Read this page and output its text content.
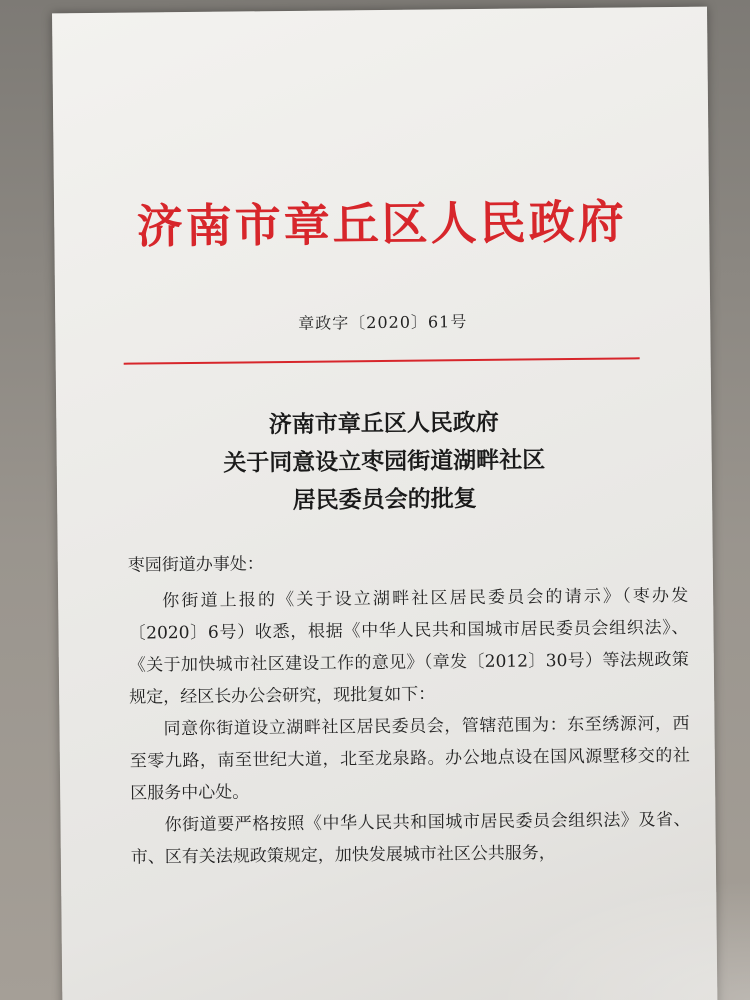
济南市章丘区人民政府
章政字〔2020〕61号
济南市章丘区人民政府
关于同意设立枣园街道湖畔社区
居民委员会的批复
枣园街道办事处：

你街道上报的《关于设立湖畔社区居民委员会的请示》（枣办发〔2020〕6号）收悉，根据《中华人民共和国城市居民委员会组织法》、《关于加快城市社区建设工作的意见》（章发〔2012〕30号）等法规政策规定，经区长办公会研究，现批复如下：

同意你街道设立湖畔社区居民委员会，管辖范围为：东至绣源河，西至零九路，南至世纪大道，北至龙泉路。办公地点设在国风源墅移交的社区服务中心处。

你街道要严格按照《中华人民共和国城市居民委员会组织法》及省、市、区有关法规政策规定，加快发展城市社区公共服务，
